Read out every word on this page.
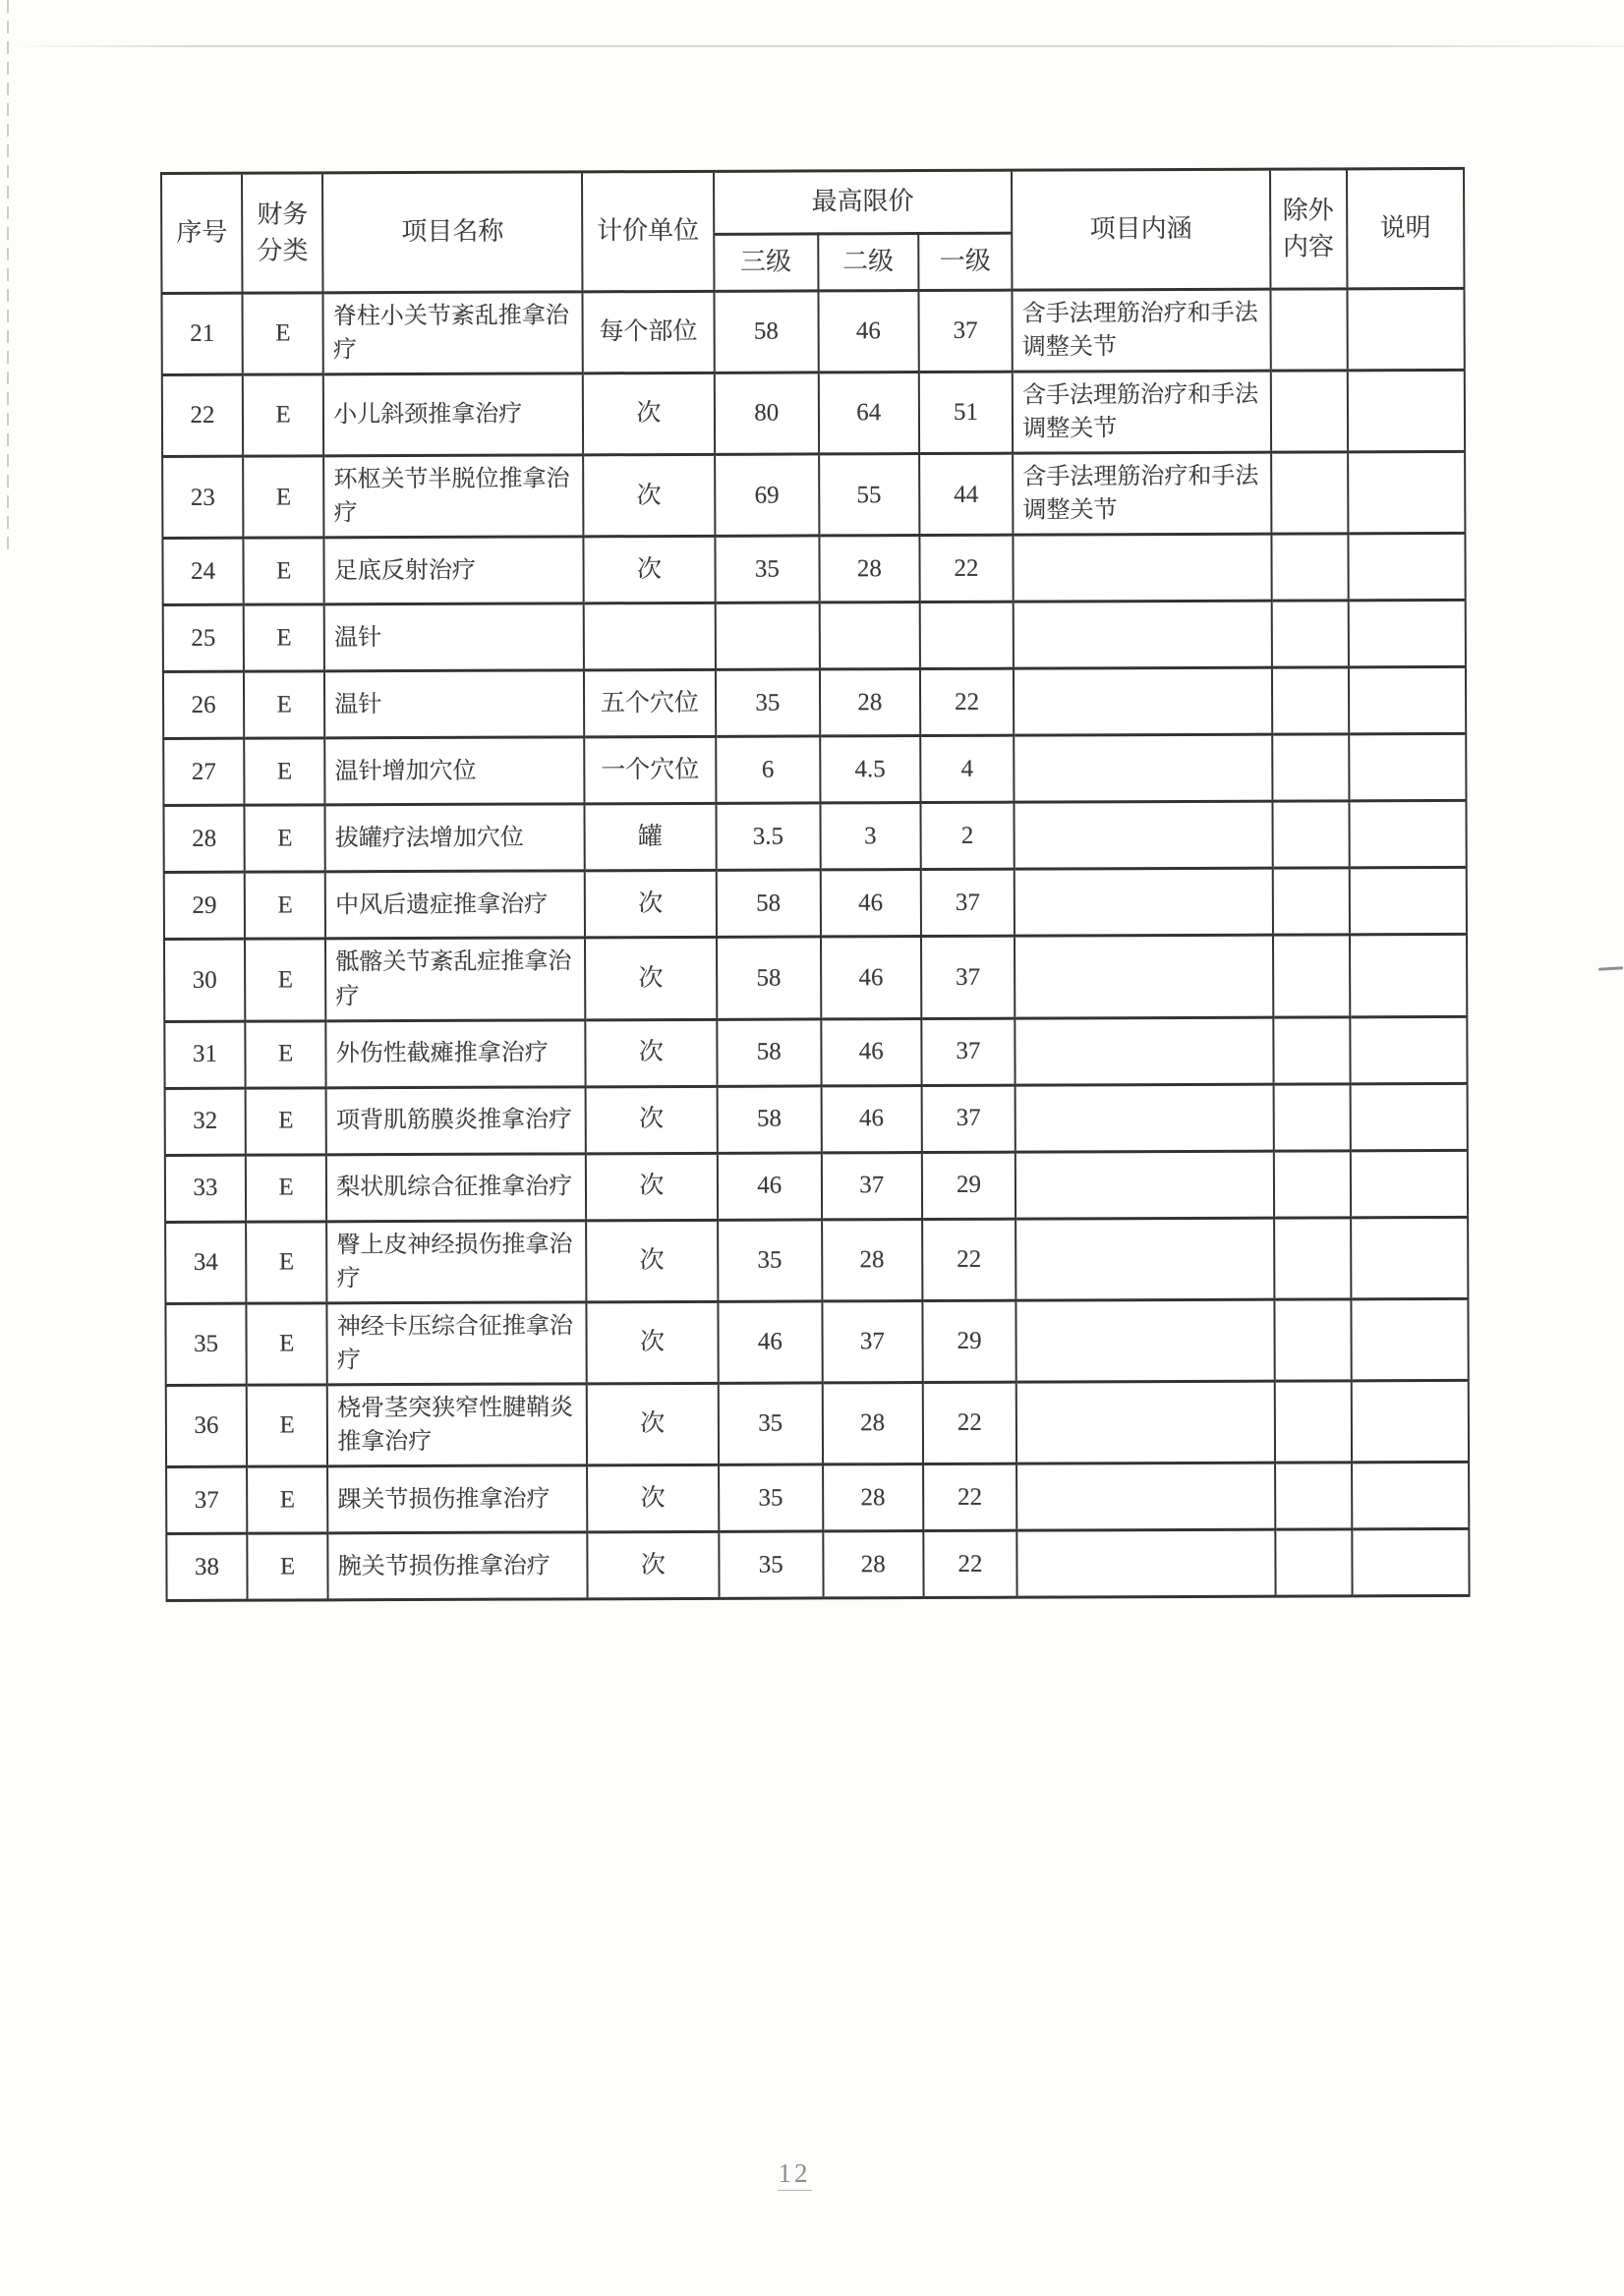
序号	财务分类	项目名称	计价单位	最高限价			项目内涵	除外内容	说明
				三级	二级	一级			
21	E	脊柱小关节紊乱推拿治疗	每个部位	58	46	37	含手法理筋治疗和手法调整关节		
22	E	小儿斜颈推拿治疗	次	80	64	51	含手法理筋治疗和手法调整关节		
23	E	环枢关节半脱位推拿治疗	次	69	55	44	含手法理筋治疗和手法调整关节		
24	E	足底反射治疗	次	35	28	22			
25	E	温针							
26	E	温针	五个穴位	35	28	22			
27	E	温针增加穴位	一个穴位	6	4.5	4			
28	E	拔罐疗法增加穴位	罐	3.5	3	2			
29	E	中风后遗症推拿治疗	次	58	46	37			
30	E	骶髂关节紊乱症推拿治疗	次	58	46	37			
31	E	外伤性截瘫推拿治疗	次	58	46	37			
32	E	项背肌筋膜炎推拿治疗	次	58	46	37			
33	E	梨状肌综合征推拿治疗	次	46	37	29			
34	E	臀上皮神经损伤推拿治疗	次	35	28	22			
35	E	神经卡压综合征推拿治疗	次	46	37	29			
36	E	桡骨茎突狭窄性腱鞘炎推拿治疗	次	35	28	22			
37	E	踝关节损伤推拿治疗	次	35	28	22			
38	E	腕关节损伤推拿治疗	次	35	28	22			
12
